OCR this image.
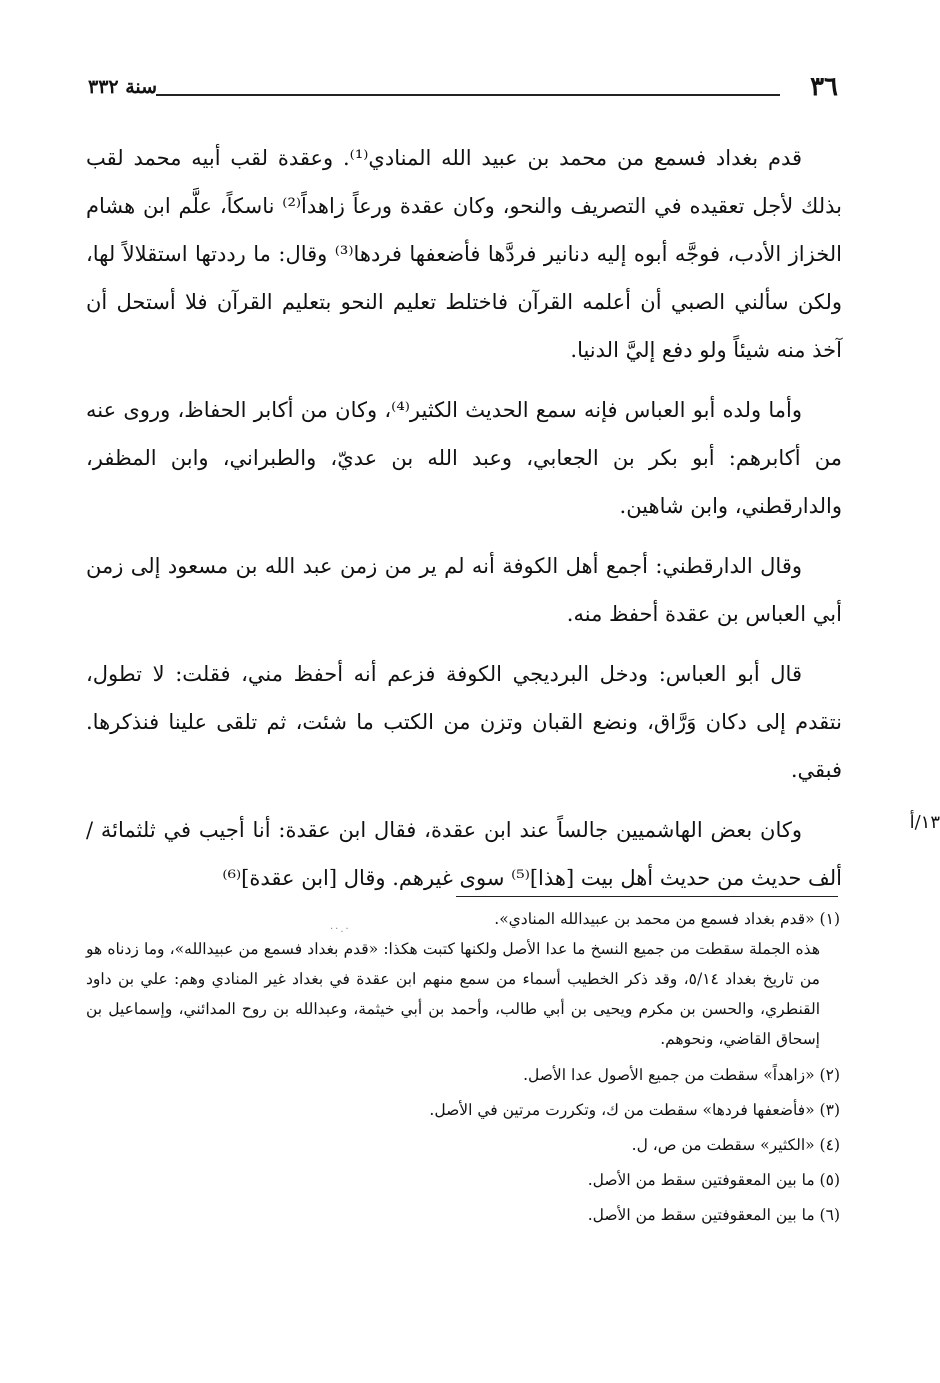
٣٦
سنة ٣٣٢

قدم بغداد فسمع من محمد بن عبيد الله المنادي⁽¹⁾. وعقدة لقب أبيه محمد لقب بذلك لأجل تعقيده في التصريف والنحو، وكان عقدة ورعاً زاهداً⁽²⁾ ناسكاً، علَّم ابن هشام الخزاز الأدب، فوجَّه أبوه إليه دنانير فردَّها فأضعفها فردها⁽³⁾ وقال: ما رددتها استقلالاً لها، ولكن سألني الصبي أن أعلمه القرآن فاختلط تعليم النحو بتعليم القرآن فلا أستحل أن آخذ منه شيئاً ولو دفع إليَّ الدنيا.

وأما ولده أبو العباس فإنه سمع الحديث الكثير⁽⁴⁾، وكان من أكابر الحفاظ، وروى عنه من أكابرهم: أبو بكر بن الجعابي، وعبد الله بن عديّ، والطبراني، وابن المظفر، والدارقطني، وابن شاهين.

وقال الدارقطني: أجمع أهل الكوفة أنه لم ير من زمن عبد الله بن مسعود إلى زمن أبي العباس بن عقدة أحفظ منه.

قال أبو العباس: ودخل البرديجي الكوفة فزعم أنه أحفظ مني، فقلت: لا تطول، نتقدم إلى دكان وَرَّاق، ونضع القبان وتزن من الكتب ما شئت، ثم تلقى علينا فنذكرها. فبقي.

وكان بعض الهاشميين جالساً عند ابن عقدة، فقال ابن عقدة: أنا أجيب في ثلثمائة / ألف حديث من حديث أهل بيت [هذا]⁽⁵⁾ سوى غيرهم. وقال [ابن عقدة]⁽⁶⁾

١٣/أ
·.··

(١) «قدم بغداد فسمع من محمد بن عبيدالله المنادي».

هذه الجملة سقطت من جميع النسخ ما عدا الأصل ولكنها كتبت هكذا: «قدم بغداد فسمع من عبيدالله»، وما زدناه هو من تاريخ بغداد ٥/١٤، وقد ذكر الخطيب أسماء من سمع منهم ابن عقدة في بغداد غير المنادي وهم: علي بن داود القنطري، والحسن بن مكرم ويحيى بن أبي طالب، وأحمد بن أبي خيثمة، وعبدالله بن روح المدائني، وإسماعيل بن إسحاق القاضي، ونحوهم.

(٢) «زاهداً» سقطت من جميع الأصول عدا الأصل.

(٣) «فأضعفها فردها» سقطت من ك، وتكررت مرتين في الأصل.

(٤) «الكثير» سقطت من ص، ل.

(٥) ما بين المعقوفتين سقط من الأصل.

(٦) ما بين المعقوفتين سقط من الأصل.
